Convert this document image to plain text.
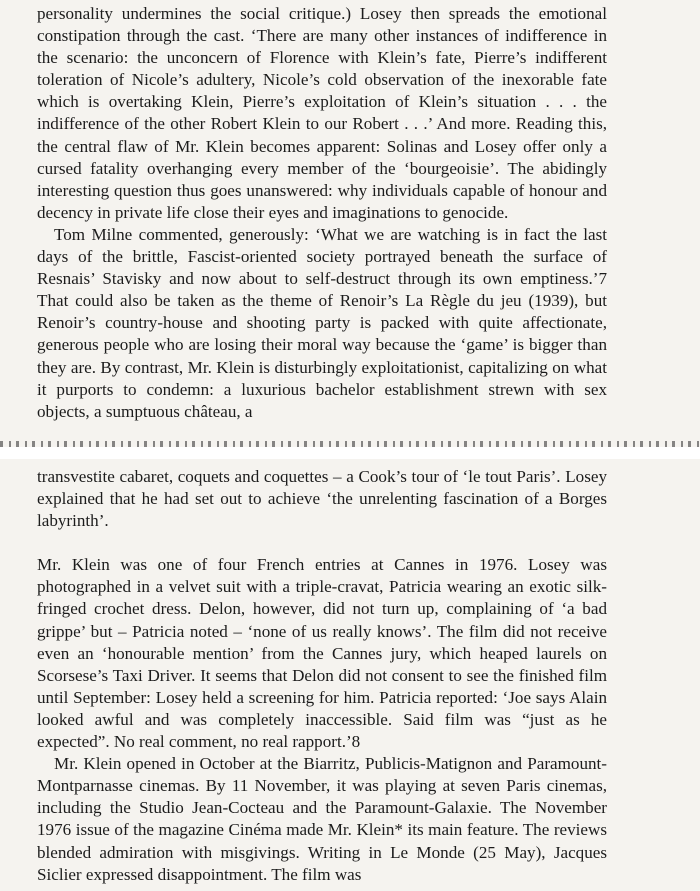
personality undermines the social critique.) Losey then spreads the emotional constipation through the cast. ‘There are many other instances of indifference in the scenario: the unconcern of Florence with Klein’s fate, Pierre’s indifferent toleration of Nicole’s adultery, Nicole’s cold observation of the inexorable fate which is overtaking Klein, Pierre’s exploitation of Klein’s situation . . . the indifference of the other Robert Klein to our Robert . . .’ And more. Reading this, the central flaw of Mr. Klein becomes apparent: Solinas and Losey offer only a cursed fatality overhanging every member of the ‘bourgeoisie’. The abidingly interesting question thus goes unanswered: why individuals capable of honour and decency in private life close their eyes and imaginations to genocide.

Tom Milne commented, generously: ‘What we are watching is in fact the last days of the brittle, Fascist-oriented society portrayed beneath the surface of Resnais’ Stavisky and now about to self-destruct through its own emptiness.’7 That could also be taken as the theme of Renoir’s La Règle du jeu (1939), but Renoir’s country-house and shooting party is packed with quite affectionate, generous people who are losing their moral way because the ‘game’ is bigger than they are. By contrast, Mr. Klein is disturbingly exploitationist, capitalizing on what it purports to condemn: a luxurious bachelor establishment strewn with sex objects, a sumptuous château, a

transvestite cabaret, coquets and coquettes – a Cook’s tour of ‘le tout Paris’. Losey explained that he had set out to achieve ‘the unrelenting fascination of a Borges labyrinth’.

Mr. Klein was one of four French entries at Cannes in 1976. Losey was photographed in a velvet suit with a triple-cravat, Patricia wearing an exotic silk-fringed crochet dress. Delon, however, did not turn up, complaining of ‘a bad grippe’ but – Patricia noted – ‘none of us really knows’. The film did not receive even an ‘honourable mention’ from the Cannes jury, which heaped laurels on Scorsese’s Taxi Driver. It seems that Delon did not consent to see the finished film until September: Losey held a screening for him. Patricia reported: ‘Joe says Alain looked awful and was completely inaccessible. Said film was “just as he expected”. No real comment, no real rapport.’8

Mr. Klein opened in October at the Biarritz, Publicis-Matignon and Paramount-Montparnasse cinemas. By 11 November, it was playing at seven Paris cinemas, including the Studio Jean-Cocteau and the Paramount-Galaxie. The November 1976 issue of the magazine Cinéma made Mr. Klein* its main feature. The reviews blended admiration with misgivings. Writing in Le Monde (25 May), Jacques Siclier expressed disappointment. The film was
